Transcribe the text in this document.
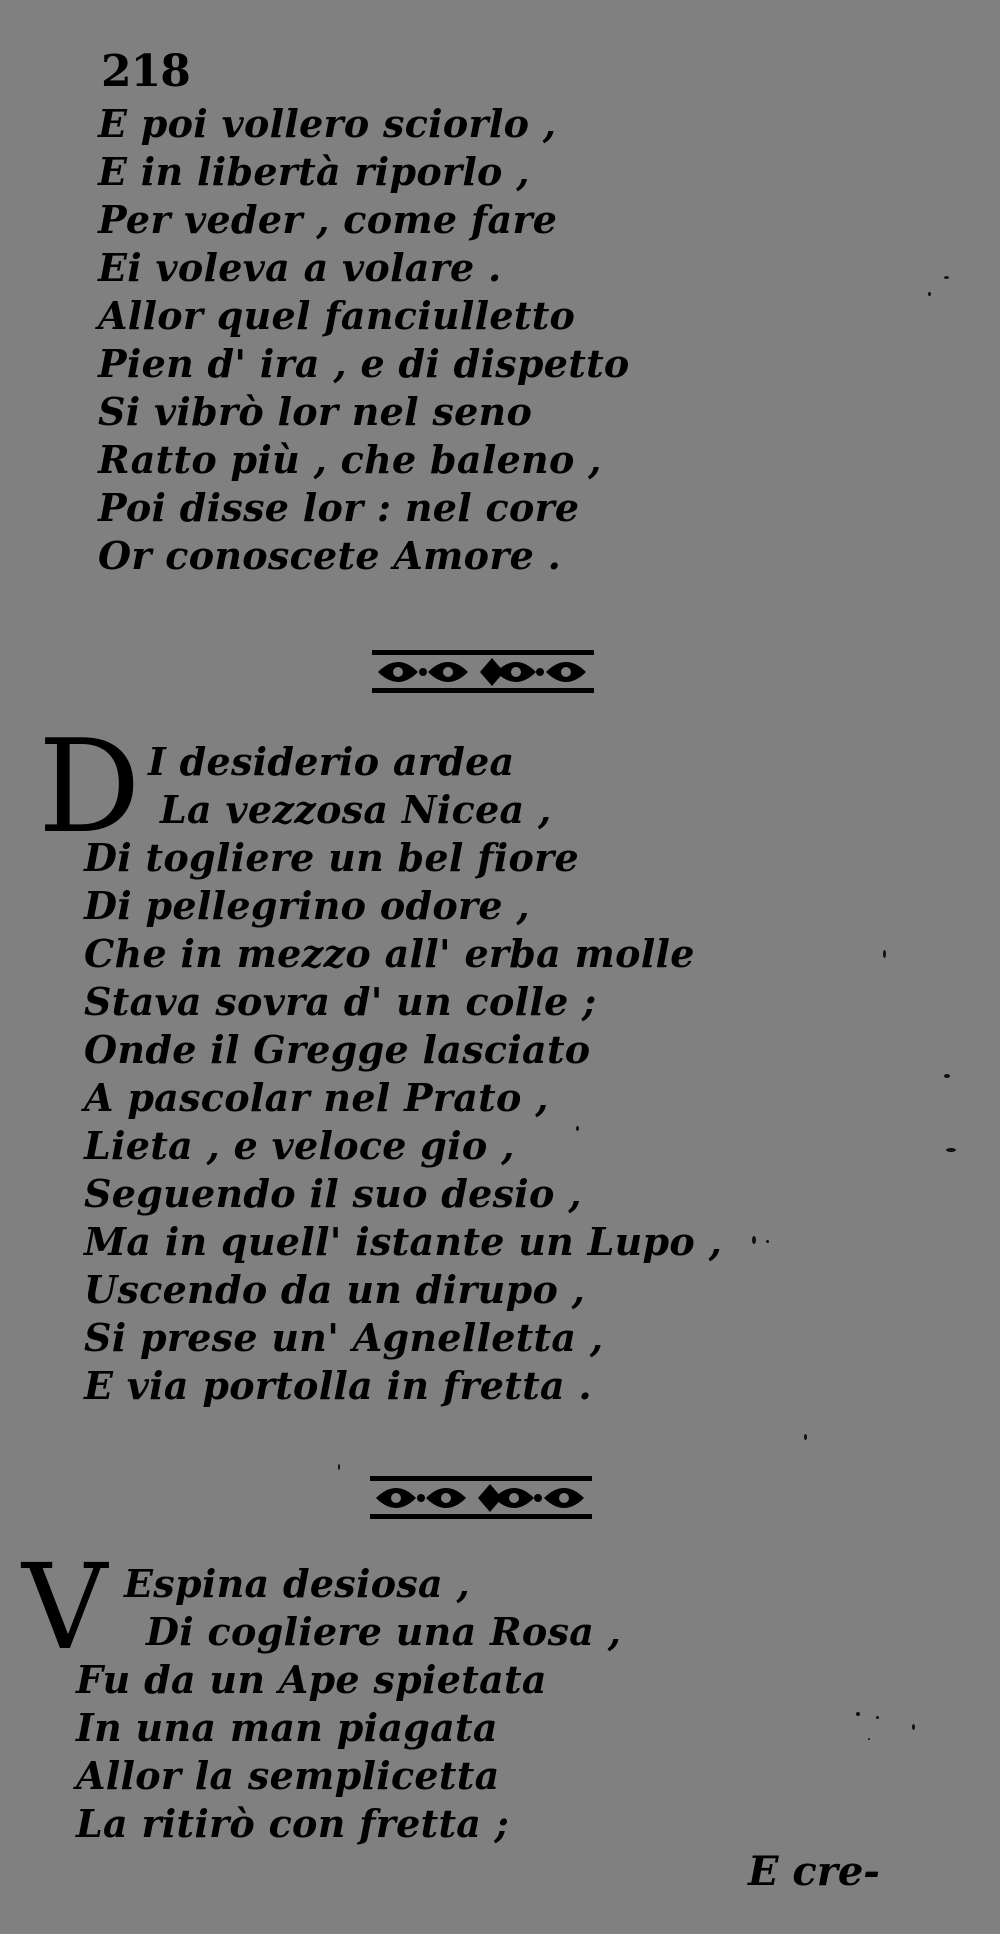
218
E poi vollero sciorlo ,
E in libertà riporlo ,
Per veder , come fare
Ei voleva a volare .
Allor quel fanciulletto
Pien d' ira , e di dispetto
Si vibrò lor nel seno
Ratto più , che baleno ,
Poi disse lor : nel core
Or conoscete Amore .
D I desiderio ardea
La vezzosa Nicea ,
Di togliere un bel fiore
Di pellegrino odore ,
Che in mezzo all' erba molle
Stava sovra d' un colle ;
Onde il Gregge lasciato
A pascolar nel Prato ,
Lieta , e veloce gio ,
Seguendo il suo desio ,
Ma in quell' istante un Lupo ,
Uscendo da un dirupo ,
Si prese un' Agnelletta ,
E via portolla in fretta .
V Espina desiosa ,
Di cogliere una Rosa ,
Fu da un Ape spietata
In una man piagata
Allor la semplicetta
La ritirò con fretta ;
E cre-
